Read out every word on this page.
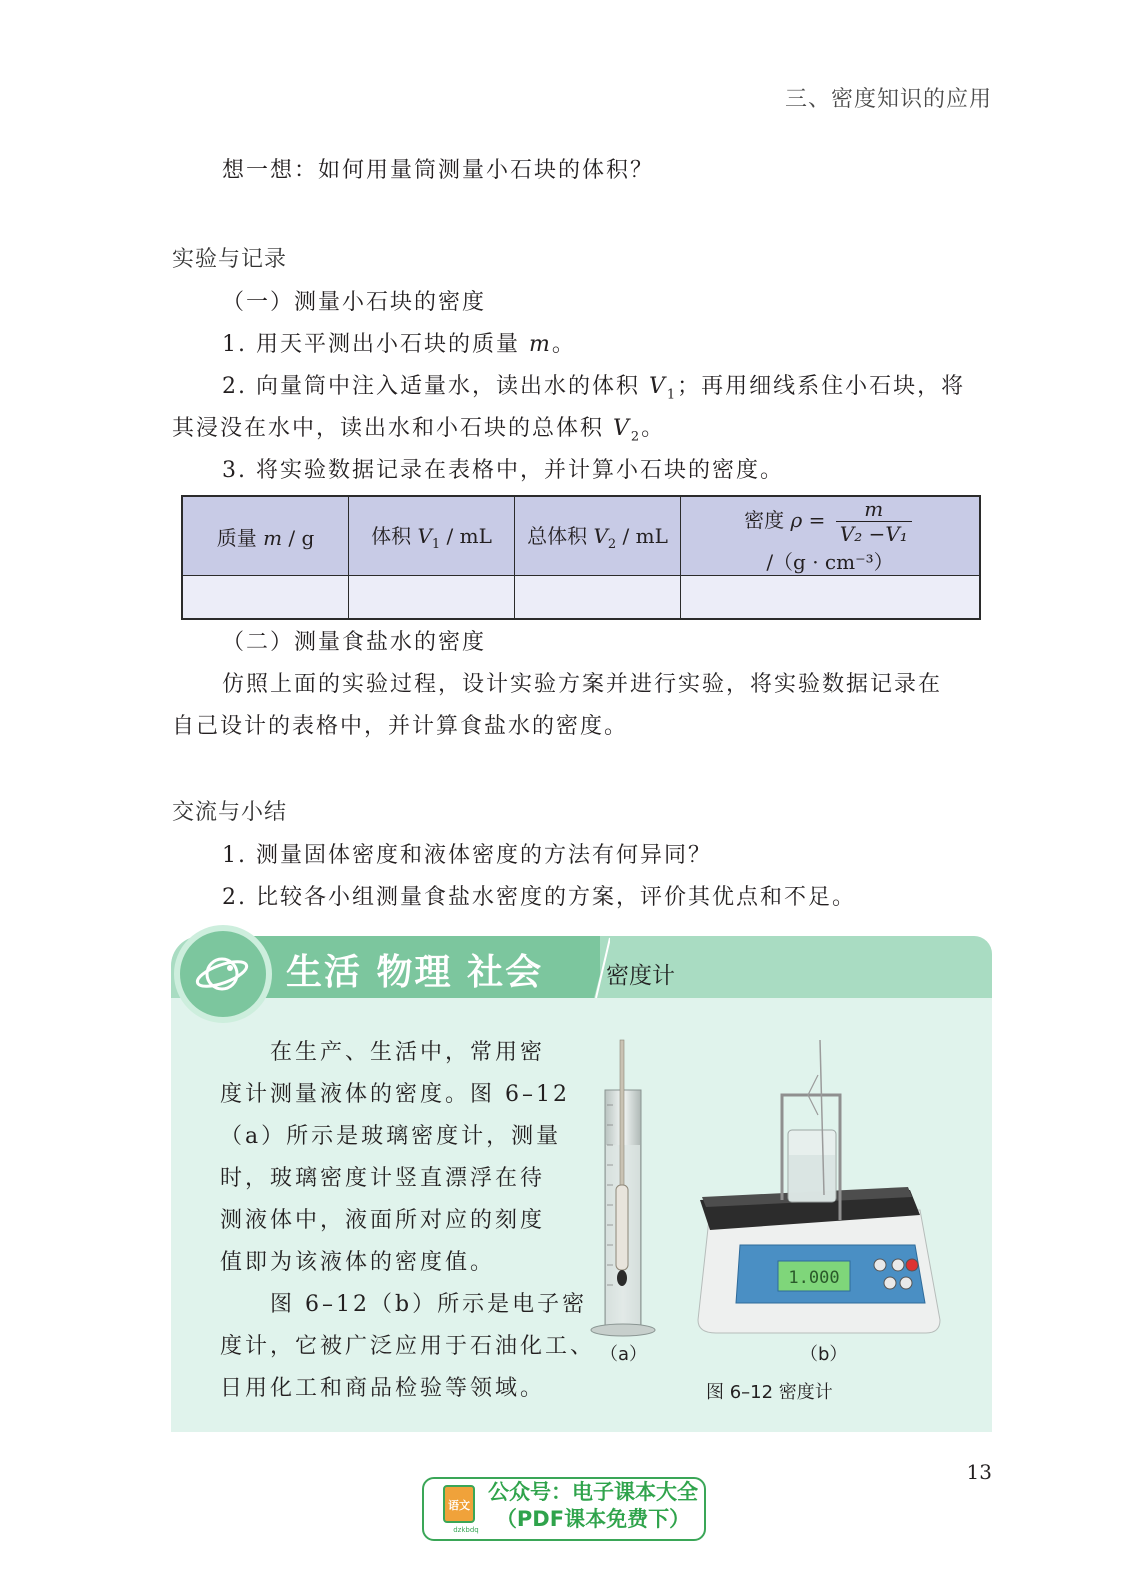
三、密度知识的应用
想一想：如何用量筒测量小石块的体积？
实验与记录
（一）测量小石块的密度
1. 用天平测出小石块的质量 m。
2. 向量筒中注入适量水，读出水的体积 $V_1$；再用细线系住小石块，将
其浸没在水中，读出水和小石块的总体积 $V_2$。
3. 将实验数据记录在表格中，并计算小石块的密度。
质量 m / g	体积 $V_1$ / mL	总体积 $V_2$ / mL	密度 $\rho = \frac{m}{\text{V₂ −V₁}}$
/（g · cm⁻³）

（二）测量食盐水的密度
仿照上面的实验过程，设计实验方案并进行实验，将实验数据记录在
自己设计的表格中，并计算食盐水的密度。
交流与小结
1. 测量固体密度和液体密度的方法有何异同？
2. 比较各小组测量食盐水密度的方案，评价其优点和不足。
生活 物理 社会	密度计
在生产、生活中，常用密
度计测量液体的密度。图 6–12
（a）所示是玻璃密度计，测量
时，玻璃密度计竖直漂浮在待
测液体中，液面所对应的刻度
值即为该液体的密度值。
图 6–12（b）所示是电子密
度计，它被广泛应用于石油化工、
日用化工和商品检验等领域。
1.000
（a）	（b）
图 6–12 密度计
13
语文
dzkbdq
公众号：电子课本大全
（PDF课本免费下）
